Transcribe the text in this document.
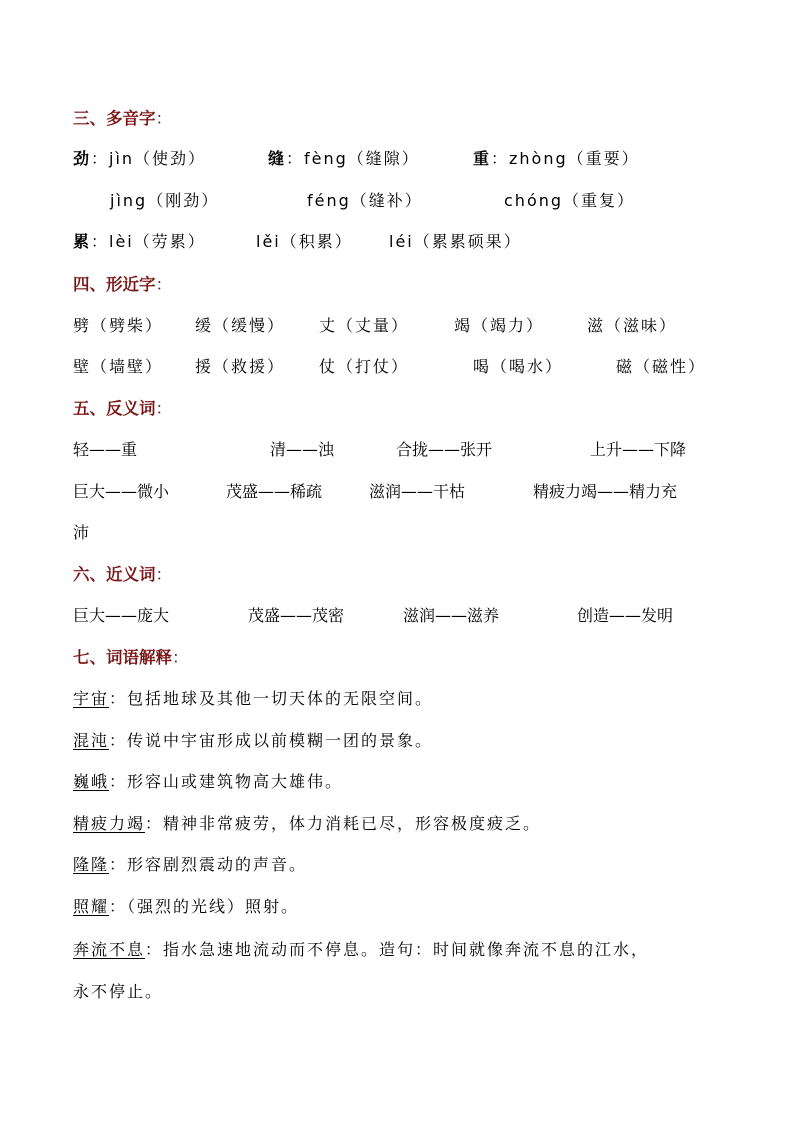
三、多音字：
劲：jìn（使劲）	缝：fèng（缝隙）	重：zhòng（重要）
jìng（刚劲）	féng（缝补）	chóng（重复）
累：lèi（劳累）	lěi（积累） léi（累累硕果）
四、形近字：
劈（劈柴） 缓（缓慢） 丈（丈量）	竭（竭力）	滋（滋味）
壁（墙壁） 援（救援） 仗（打仗）	喝（喝水）	磁（磁性）
五、反义词：
轻——重	清——浊	合拢——张开	上升——下降
巨大——微小	茂盛——稀疏	滋润——干枯	精疲力竭——精力充
沛
六、近义词：
巨大——庞大	茂盛——茂密	滋润——滋养	创造——发明
七、词语解释：
宇宙：包括地球及其他一切天体的无限空间。
混沌：传说中宇宙形成以前模糊一团的景象。
巍峨：形容山或建筑物高大雄伟。
精疲力竭：精神非常疲劳，体力消耗已尽，形容极度疲乏。
隆隆：形容剧烈震动的声音。
照耀：（强烈的光线）照射。
奔流不息：指水急速地流动而不停息。造句：时间就像奔流不息的江水，
永不停止。
